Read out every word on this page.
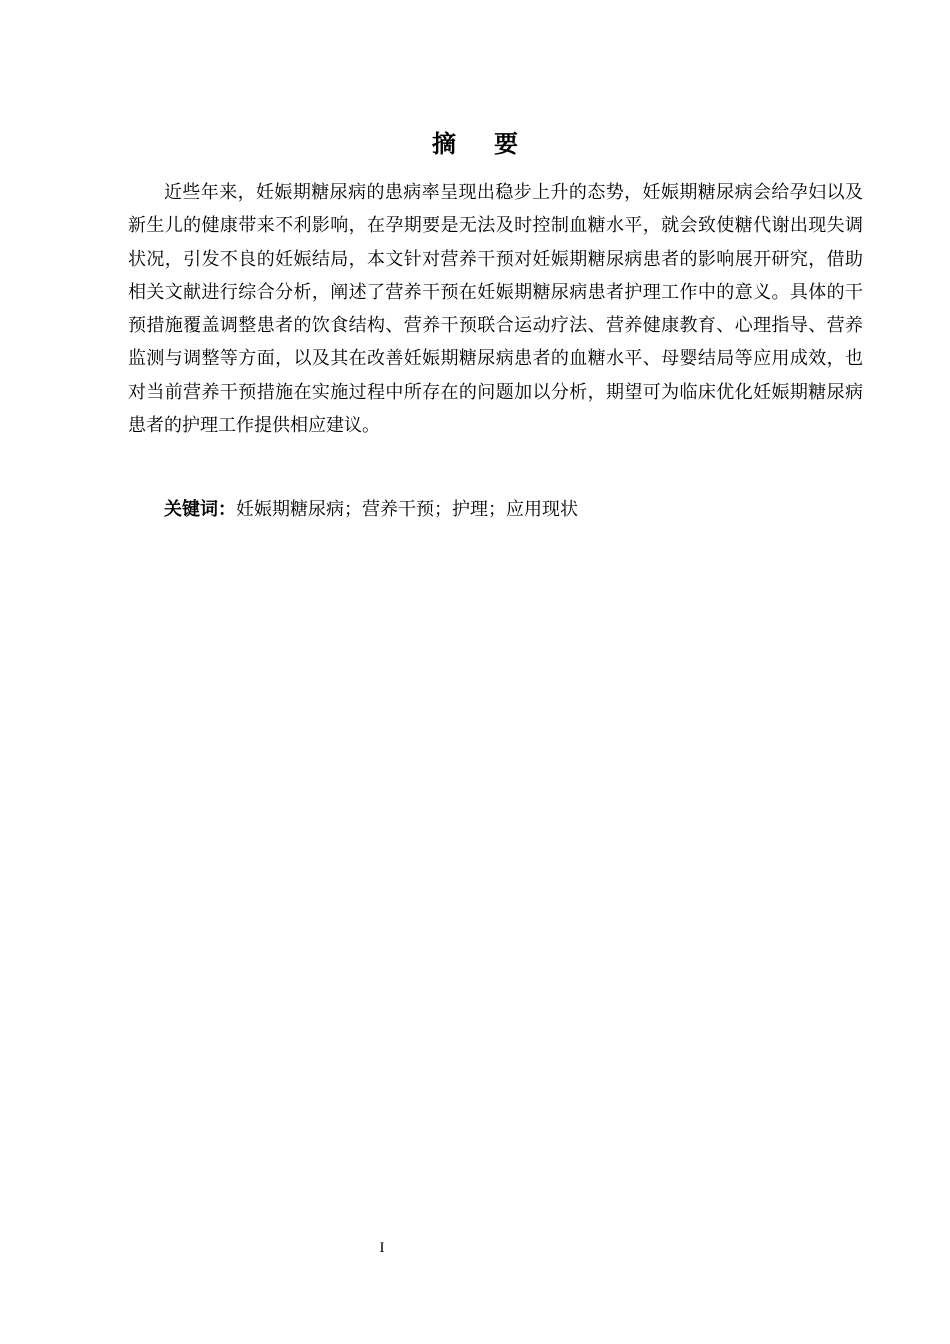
摘 要

近些年来，妊娠期糖尿病的患病率呈现出稳步上升的态势，妊娠期糖尿病会给孕妇以及新生儿的健康带来不利影响，在孕期要是无法及时控制血糖水平，就会致使糖代谢出现失调状况，引发不良的妊娠结局，本文针对营养干预对妊娠期糖尿病患者的影响展开研究，借助相关文献进行综合分析，阐述了营养干预在妊娠期糖尿病患者护理工作中的意义。具体的干预措施覆盖调整患者的饮食结构、营养干预联合运动疗法、营养健康教育、心理指导、营养监测与调整等方面，以及其在改善妊娠期糖尿病患者的血糖水平、母婴结局等应用成效，也对当前营养干预措施在实施过程中所存在的问题加以分析，期望可为临床优化妊娠期糖尿病患者的护理工作提供相应建议。

关键词：妊娠期糖尿病；营养干预；护理；应用现状
I
